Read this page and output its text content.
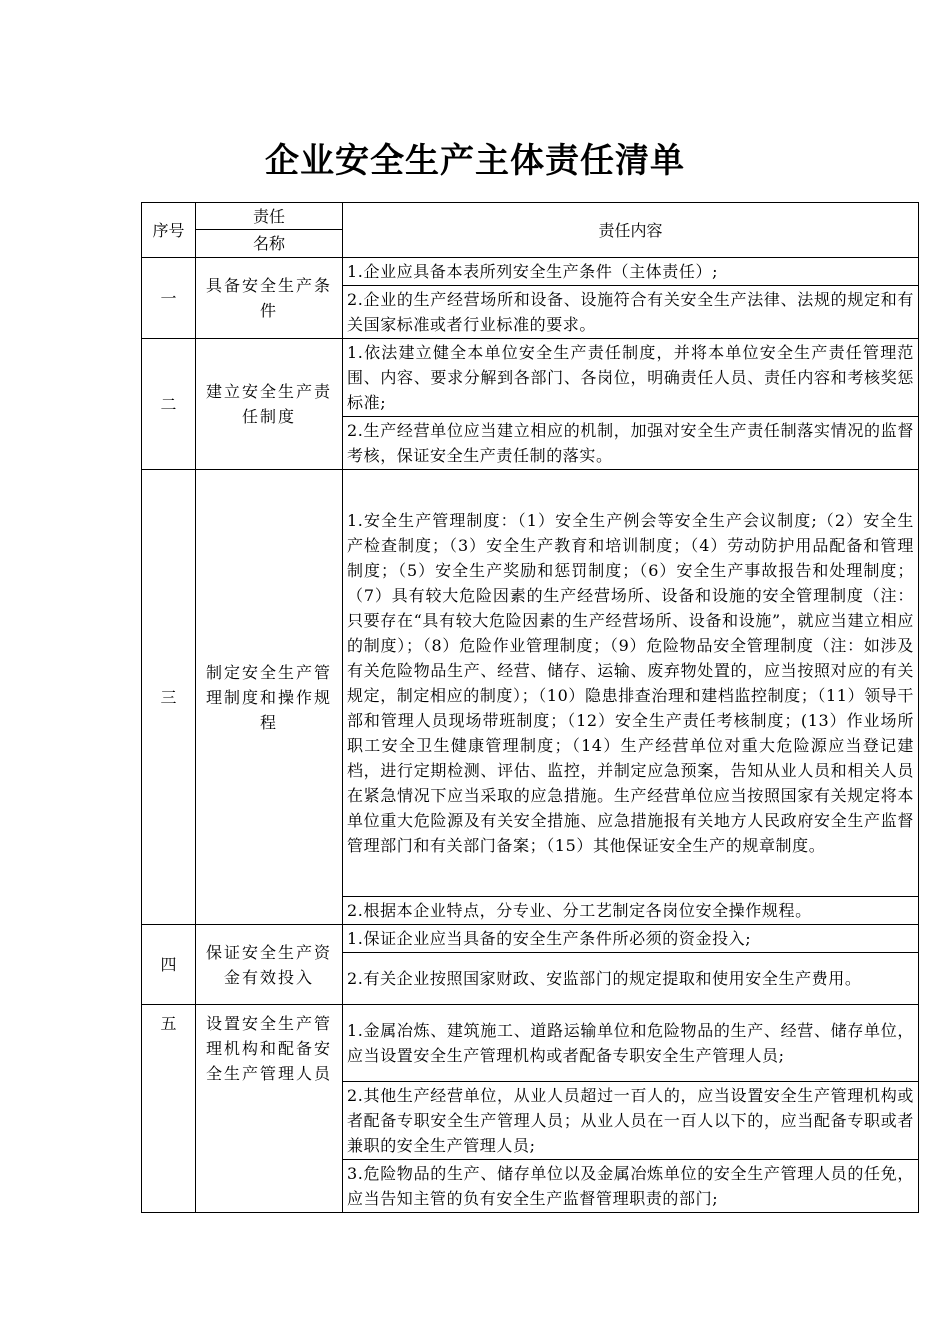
企业安全生产主体责任清单
序号	责任	责任内容
	名称	
一	具备安全生产条件	1.企业应具备本表所列安全生产条件（主体责任）;
		2.企业的生产经营场所和设备、设施符合有关安全生产法律、法规的规定和有关国家标准或者行业标准的要求。
二	建立安全生产责任制度	1.依法建立健全本单位安全生产责任制度，并将本单位安全生产责任管理范围、内容、要求分解到各部门、各岗位，明确责任人员、责任内容和考核奖惩标准;
		2.生产经营单位应当建立相应的机制，加强对安全生产责任制落实情况的监督考核，保证安全生产责任制的落实。
三	制定安全生产管理制度和操作规程	1.安全生产管理制度：（1）安全生产例会等安全生产会议制度;（2）安全生产检查制度；（3）安全生产教育和培训制度；（4）劳动防护用品配备和管理制度；（5）安全生产奖励和惩罚制度；（6）安全生产事故报告和处理制度；（7）具有较大危险因素的生产经营场所、设备和设施的安全管理制度（注：只要存在“具有较大危险因素的生产经营场所、设备和设施”，就应当建立相应的制度）；（8）危险作业管理制度；（9）危险物品安全管理制度（注：如涉及有关危险物品生产、经营、储存、运输、废弃物处置的，应当按照对应的有关规定，制定相应的制度）；（10）隐患排查治理和建档监控制度；（11）领导干部和管理人员现场带班制度；（12）安全生产责任考核制度；(13）作业场所职工安全卫生健康管理制度；（14）生产经营单位对重大危险源应当登记建档，进行定期检测、评估、监控，并制定应急预案，告知从业人员和相关人员在紧急情况下应当采取的应急措施。生产经营单位应当按照国家有关规定将本单位重大危险源及有关安全措施、应急措施报有关地方人民政府安全生产监督管理部门和有关部门备案；（15）其他保证安全生产的规章制度。
		2.根据本企业特点，分专业、分工艺制定各岗位安全操作规程。
四	保证安全生产资金有效投入	1.保证企业应当具备的安全生产条件所必须的资金投入;
		2.有关企业按照国家财政、安监部门的规定提取和使用安全生产费用。
五	设置安全生产管理机构和配备安全生产管理人员	1.金属冶炼、建筑施工、道路运输单位和危险物品的生产、经营、储存单位，应当设置安全生产管理机构或者配备专职安全生产管理人员;
		2.其他生产经营单位，从业人员超过一百人的，应当设置安全生产管理机构或者配备专职安全生产管理人员；从业人员在一百人以下的，应当配备专职或者兼职的安全生产管理人员;
		3.危险物品的生产、储存单位以及金属冶炼单位的安全生产管理人员的任免，应当告知主管的负有安全生产监督管理职责的部门;
